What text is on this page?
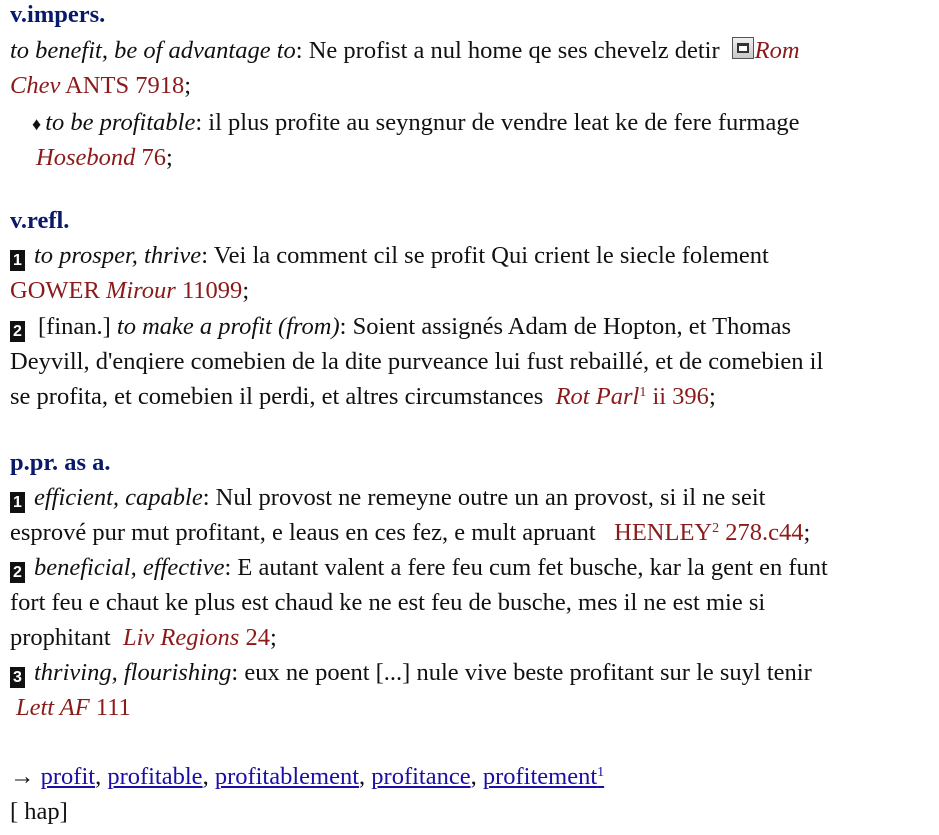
v.impers.
to benefit, be of advantage to: Ne profist a nul home qe ses chevelz detir Rom
Chev ANTS 7918;
♦ to be profitable: il plus profite au seyngnur de vendre leat ke de fere furmage
Hosebond 76;
v.refl.
1 to prosper, thrive: Vei la comment cil se profit Qui crient le siecle folement
GOWER Mirour 11099;
2 [finan.] to make a profit (from): Soient assignés Adam de Hopton, et Thomas
Deyvill, d'enqiere comebien de la dite purveance lui fust rebaillé, et de comebien il
se profita, et comebien il perdi, et altres circumstances Rot Parl$^1$ ii 396;
p.pr. as a.
1 efficient, capable: Nul provost ne remeyne outre un an provost, si il ne seit
esprové pur mut profitant, e leaus en ces fez, e mult apruant HENLEY$^2$ 278.c44;
2 beneficial, effective: E autant valent a fere feu cum fet busche, kar la gent en funt
fort feu e chaut ke plus est chaud ke ne est feu de busche, mes il ne est mie si
prophitant Liv Regions 24;
3 thriving, flourishing: eux ne poent [...] nule vive beste profitant sur le suyl tenir
Lett AF 111
→ profit, profitable, profitablement, profitance, profitement$^1$
[ hap]
